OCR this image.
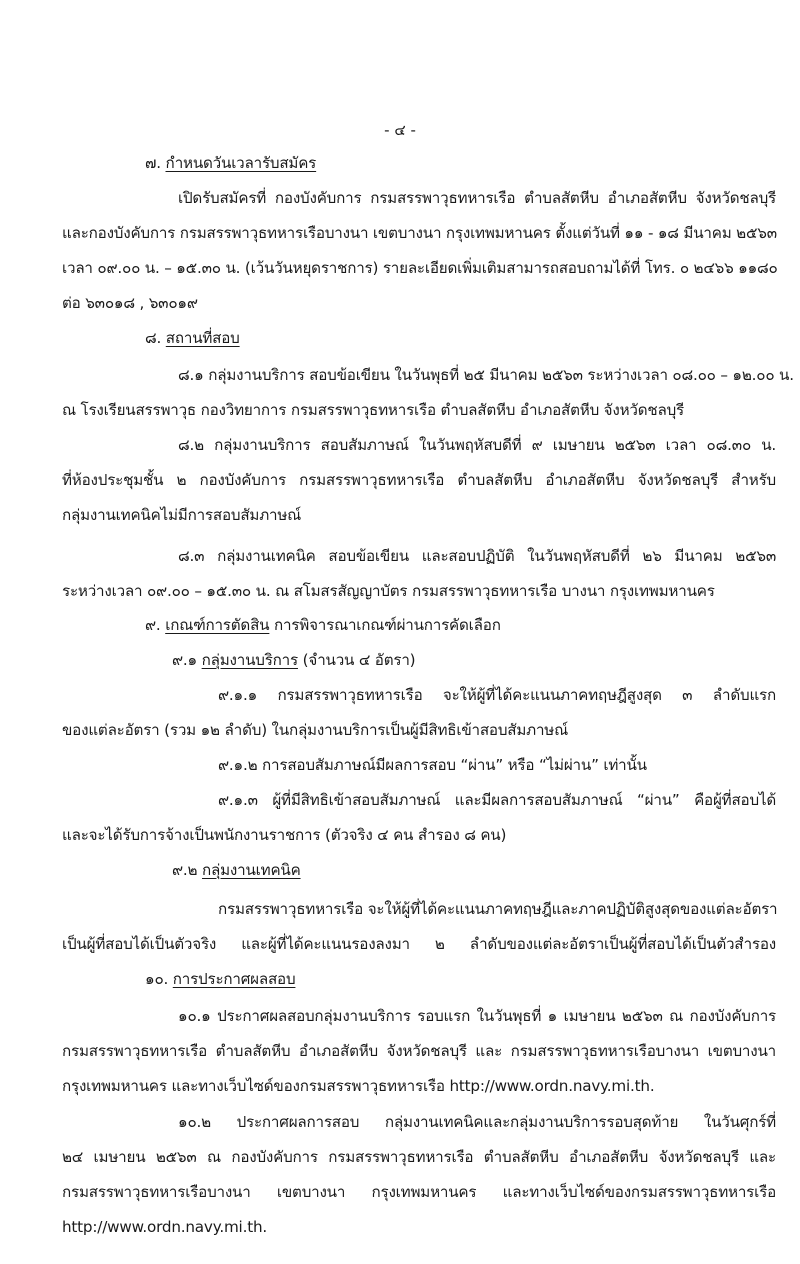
- ๔ -
๗. กำหนดวันเวลารับสมัคร
เปิดรับสมัครที่ กองบังคับการ กรมสรรพาวุธทหารเรือ ตำบลสัตหีบ อำเภอสัตหีบ จังหวัดชลบุรี
และกองบังคับการ กรมสรรพาวุธทหารเรือบางนา เขตบางนา กรุงเทพมหานคร ตั้งแต่วันที่ ๑๑ - ๑๘ มีนาคม ๒๕๖๓
เวลา ๐๙.๐๐ น. – ๑๕.๓๐ น. (เว้นวันหยุดราชการ) รายละเอียดเพิ่มเติมสามารถสอบถามได้ที่ โทร. ๐ ๒๔๖๖ ๑๑๘๐
ต่อ ๖๓๐๑๘ , ๖๓๐๑๙
๘. สถานที่สอบ
๘.๑ กลุ่มงานบริการ สอบข้อเขียน ในวันพุธที่ ๒๕ มีนาคม ๒๕๖๓ ระหว่างเวลา ๐๘.๐๐ – ๑๒.๐๐ น.
ณ โรงเรียนสรรพาวุธ กองวิทยาการ กรมสรรพาวุธทหารเรือ ตำบลสัตหีบ อำเภอสัตหีบ จังหวัดชลบุรี
๘.๒ กลุ่มงานบริการ สอบสัมภาษณ์ ในวันพฤหัสบดีที่ ๙ เมษายน ๒๕๖๓ เวลา ๐๘.๓๐ น.
ที่ห้องประชุมชั้น ๒ กองบังคับการ กรมสรรพาวุธทหารเรือ ตำบลสัตหีบ อำเภอสัตหีบ จังหวัดชลบุรี สำหรับ
กลุ่มงานเทคนิคไม่มีการสอบสัมภาษณ์
๘.๓ กลุ่มงานเทคนิค สอบข้อเขียน และสอบปฏิบัติ ในวันพฤหัสบดีที่ ๒๖ มีนาคม ๒๕๖๓
ระหว่างเวลา ๐๙.๐๐ – ๑๕.๓๐ น. ณ สโมสรสัญญาบัตร กรมสรรพาวุธทหารเรือ บางนา กรุงเทพมหานคร
๙. เกณฑ์การตัดสิน การพิจารณาเกณฑ์ผ่านการคัดเลือก
๙.๑ กลุ่มงานบริการ (จำนวน ๔ อัตรา)
๙.๑.๑ กรมสรรพาวุธทหารเรือ จะให้ผู้ที่ได้คะแนนภาคทฤษฎีสูงสุด ๓ ลำดับแรก
ของแต่ละอัตรา (รวม ๑๒ ลำดับ) ในกลุ่มงานบริการเป็นผู้มีสิทธิเข้าสอบสัมภาษณ์
๙.๑.๒ การสอบสัมภาษณ์มีผลการสอบ “ผ่าน” หรือ “ไม่ผ่าน” เท่านั้น
๙.๑.๓ ผู้ที่มีสิทธิเข้าสอบสัมภาษณ์ และมีผลการสอบสัมภาษณ์ “ผ่าน” คือผู้ที่สอบได้
และจะได้รับการจ้างเป็นพนักงานราชการ (ตัวจริง ๔ คน สำรอง ๘ คน)
๙.๒ กลุ่มงานเทคนิค
กรมสรรพาวุธทหารเรือ จะให้ผู้ที่ได้คะแนนภาคทฤษฎีและภาคปฏิบัติสูงสุดของแต่ละอัตรา
เป็นผู้ที่สอบได้เป็นตัวจริง และผู้ที่ได้คะแนนรองลงมา ๒ ลำดับของแต่ละอัตราเป็นผู้ที่สอบได้เป็นตัวสำรอง
๑๐. การประกาศผลสอบ
๑๐.๑ ประกาศผลสอบกลุ่มงานบริการ รอบแรก ในวันพุธที่ ๑ เมษายน ๒๕๖๓ ณ กองบังคับการ
กรมสรรพาวุธทหารเรือ ตำบลสัตหีบ อำเภอสัตหีบ จังหวัดชลบุรี และ กรมสรรพาวุธทหารเรือบางนา เขตบางนา
กรุงเทพมหานคร และทางเว็บไซด์ของกรมสรรพาวุธทหารเรือ http://www.ordn.navy.mi.th.
๑๐.๒ ประกาศผลการสอบ กลุ่มงานเทคนิคและกลุ่มงานบริการรอบสุดท้าย ในวันศุกร์ที่
๒๔ เมษายน ๒๕๖๓ ณ กองบังคับการ กรมสรรพาวุธทหารเรือ ตำบลสัตหีบ อำเภอสัตหีบ จังหวัดชลบุรี และ
กรมสรรพาวุธทหารเรือบางนา เขตบางนา กรุงเทพมหานคร และทางเว็บไซด์ของกรมสรรพาวุธทหารเรือ
http://www.ordn.navy.mi.th.
